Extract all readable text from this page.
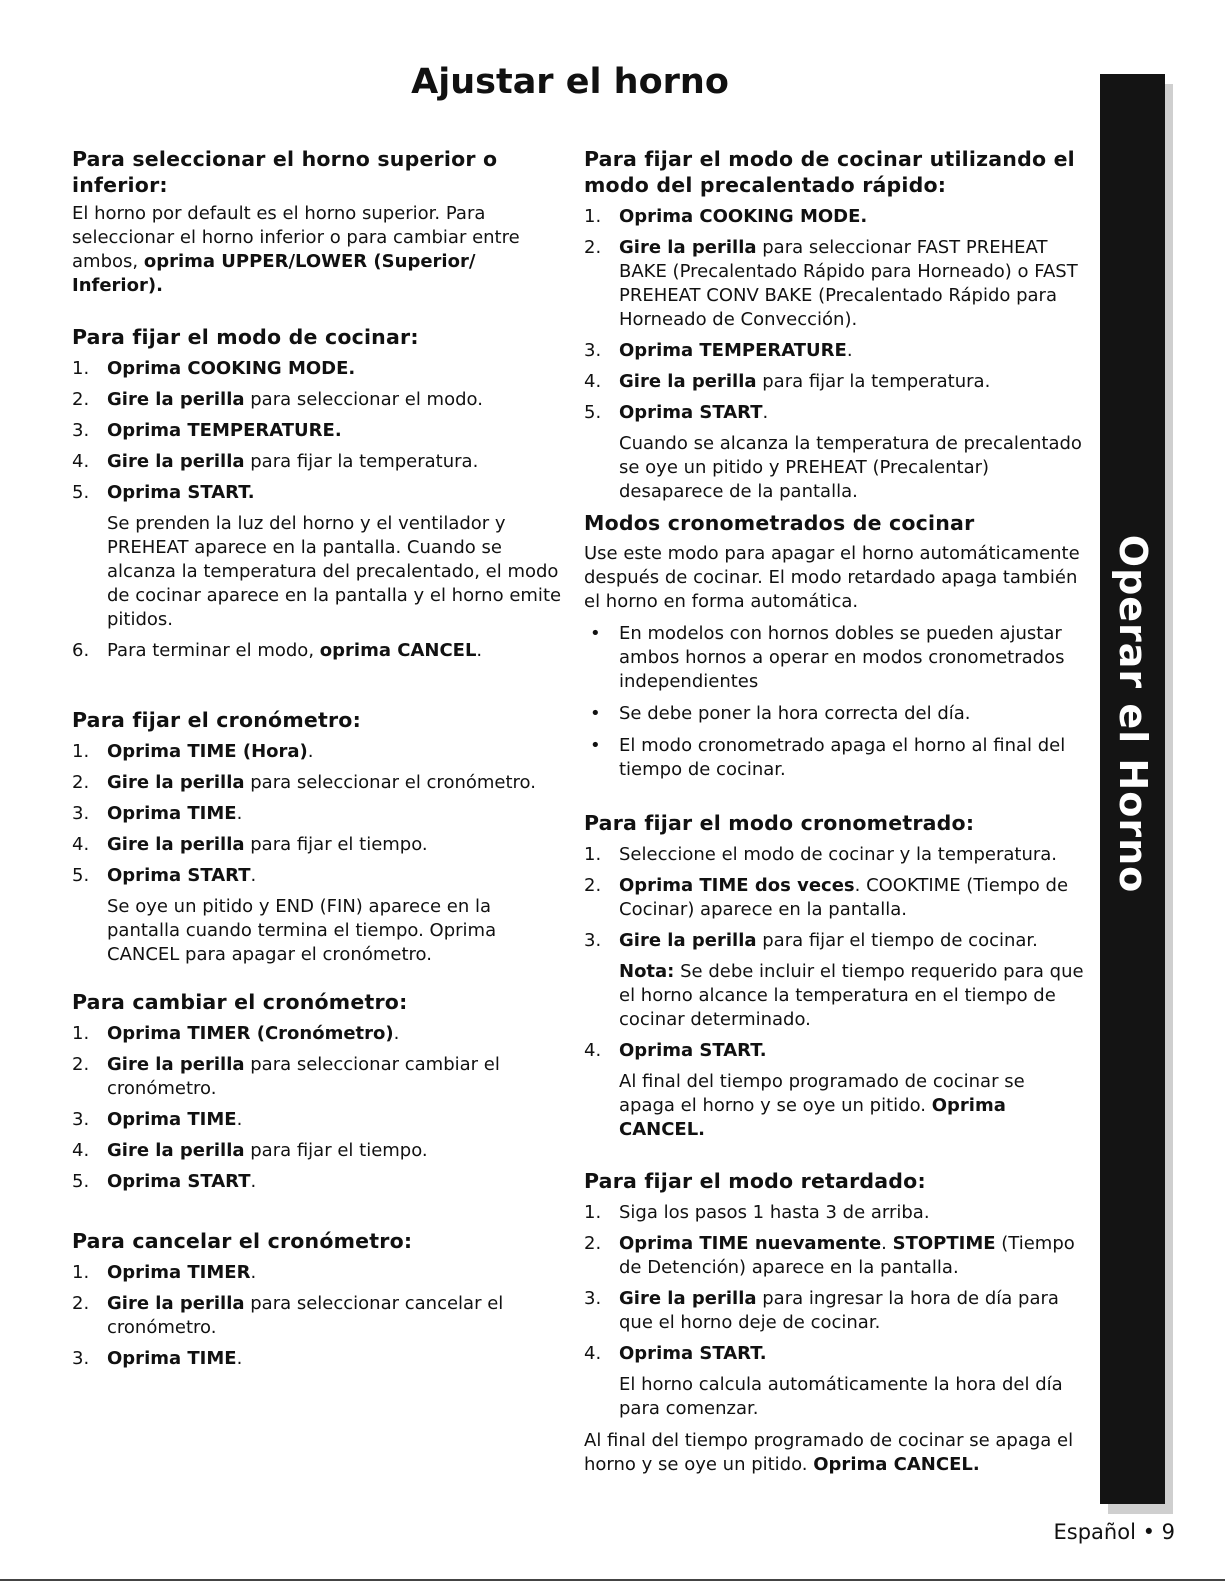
Ajustar el horno
Para seleccionar el horno superior o inferior:

El horno por default es el horno superior. Para seleccionar el horno inferior o para cambiar entre ambos, oprima UPPER/LOWER (Superior/ Inferior).

Para fijar el modo de cocinar:
1. Oprima COOKING MODE.
2. Gire la perilla para seleccionar el modo.
3. Oprima TEMPERATURE.
4. Gire la perilla para fijar la temperatura.
5. Oprima START.

Se prenden la luz del horno y el ventilador y PREHEAT aparece en la pantalla. Cuando se alcanza la temperatura del precalentado, el modo de cocinar aparece en la pantalla y el horno emite pitidos.

6. Para terminar el modo, oprima CANCEL.
Para fijar el cronómetro:
1. Oprima TIME (Hora).
2. Gire la perilla para seleccionar el cronómetro.
3. Oprima TIME.
4. Gire la perilla para fijar el tiempo.
5. Oprima START.

Se oye un pitido y END (FIN) aparece en la pantalla cuando termina el tiempo. Oprima CANCEL para apagar el cronómetro.

Para cambiar el cronómetro:
1. Oprima TIMER (Cronómetro).
2. Gire la perilla para seleccionar cambiar el cronómetro.
3. Oprima TIME.
4. Gire la perilla para fijar el tiempo.
5. Oprima START.
Para cancelar el cronómetro:
1. Oprima TIMER.
2. Gire la perilla para seleccionar cancelar el cronómetro.
3. Oprima TIME.
Para fijar el modo de cocinar utilizando el modo del precalentado rápido:
1. Oprima COOKING MODE.
2. Gire la perilla para seleccionar FAST PREHEAT BAKE (Precalentado Rápido para Horneado) o FAST PREHEAT CONV BAKE (Precalentado Rápido para Horneado de Convección).
3. Oprima TEMPERATURE.
4. Gire la perilla para fijar la temperatura.
5. Oprima START.

Cuando se alcanza la temperatura de precalentado se oye un pitido y PREHEAT (Precalentar) desaparece de la pantalla.

Modos cronometrados de cocinar

Use este modo para apagar el horno automáticamente después de cocinar. El modo retardado apaga también el horno en forma automática.

• En modelos con hornos dobles se pueden ajustar ambos hornos a operar en modos cronometrados independientes
• Se debe poner la hora correcta del día.
• El modo cronometrado apaga el horno al final del tiempo de cocinar.
Para fijar el modo cronometrado:
1. Seleccione el modo de cocinar y la temperatura.
2. Oprima TIME dos veces. COOKTIME (Tiempo de Cocinar) aparece en la pantalla.
3. Gire la perilla para fijar el tiempo de cocinar.

Nota: Se debe incluir el tiempo requerido para que el horno alcance la temperatura en el tiempo de cocinar determinado.

4. Oprima START.

Al final del tiempo programado de cocinar se apaga el horno y se oye un pitido. Oprima CANCEL.

Para fijar el modo retardado:
1. Siga los pasos 1 hasta 3 de arriba.
2. Oprima TIME nuevamente. STOPTIME (Tiempo de Detención) aparece en la pantalla.
3. Gire la perilla para ingresar la hora de día para que el horno deje de cocinar.
4. Oprima START.

El horno calcula automáticamente la hora del día para comenzar.

Al final del tiempo programado de cocinar se apaga el horno y se oye un pitido. Oprima CANCEL.

Operar el Horno
Español • 9
